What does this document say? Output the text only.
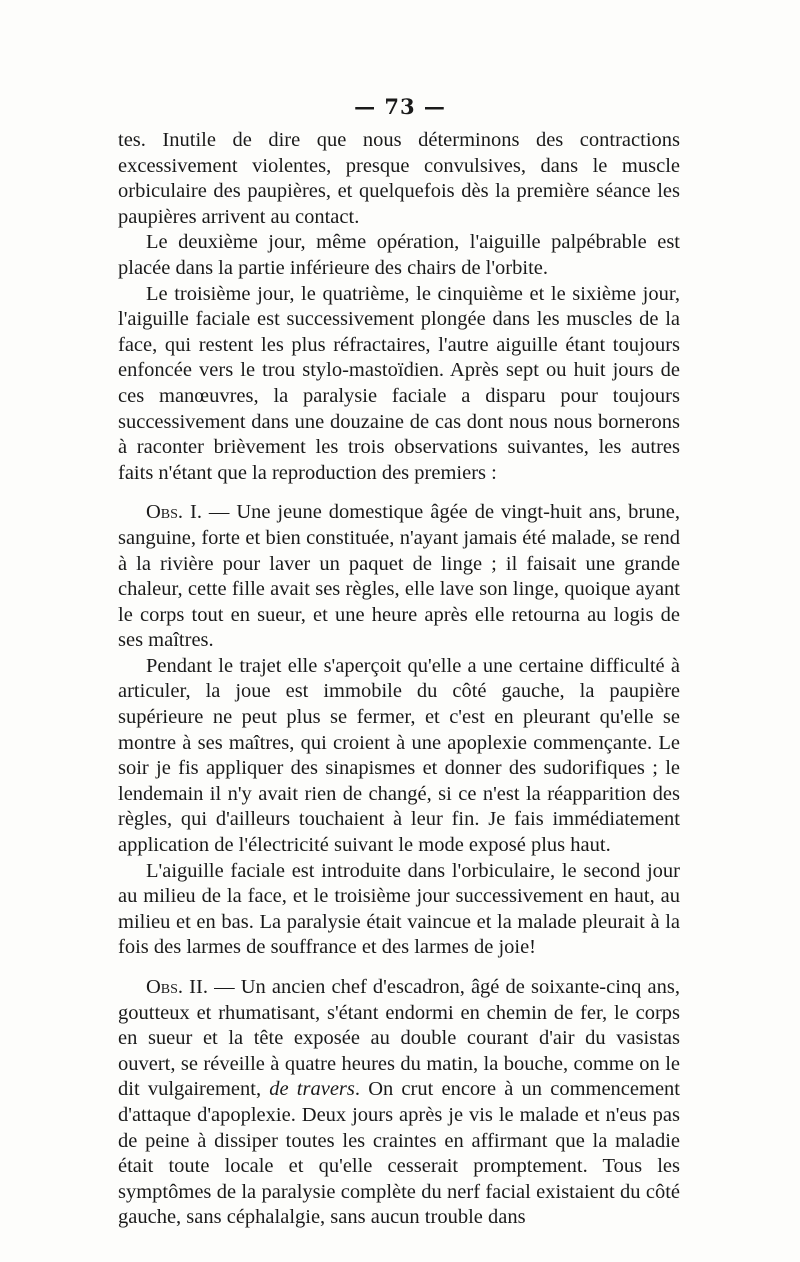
— 73 —

tes. Inutile de dire que nous déterminons des contractions excessivement violentes, presque convulsives, dans le muscle orbiculaire des paupières, et quelquefois dès la première séance les paupières arrivent au contact.

Le deuxième jour, même opération, l'aiguille palpébrable est placée dans la partie inférieure des chairs de l'orbite.

Le troisième jour, le quatrième, le cinquième et le sixième jour, l'aiguille faciale est successivement plongée dans les muscles de la face, qui restent les plus réfractaires, l'autre aiguille étant toujours enfoncée vers le trou stylo-mastoïdien. Après sept ou huit jours de ces manœuvres, la paralysie faciale a disparu pour toujours successivement dans une douzaine de cas dont nous nous bornerons à raconter brièvement les trois observations suivantes, les autres faits n'étant que la reproduction des premiers :

Obs. I. — Une jeune domestique âgée de vingt-huit ans, brune, sanguine, forte et bien constituée, n'ayant jamais été malade, se rend à la rivière pour laver un paquet de linge ; il faisait une grande chaleur, cette fille avait ses règles, elle lave son linge, quoique ayant le corps tout en sueur, et une heure après elle retourna au logis de ses maîtres.

Pendant le trajet elle s'aperçoit qu'elle a une certaine difficulté à articuler, la joue est immobile du côté gauche, la paupière supérieure ne peut plus se fermer, et c'est en pleurant qu'elle se montre à ses maîtres, qui croient à une apoplexie commençante. Le soir je fis appliquer des sinapismes et donner des sudorifiques ; le lendemain il n'y avait rien de changé, si ce n'est la réapparition des règles, qui d'ailleurs touchaient à leur fin. Je fais immédiatement application de l'électricité suivant le mode exposé plus haut.

L'aiguille faciale est introduite dans l'orbiculaire, le second jour au milieu de la face, et le troisième jour successivement en haut, au milieu et en bas. La paralysie était vaincue et la malade pleurait à la fois des larmes de souffrance et des larmes de joie!

Obs. II. — Un ancien chef d'escadron, âgé de soixante-cinq ans, goutteux et rhumatisant, s'étant endormi en chemin de fer, le corps en sueur et la tête exposée au double courant d'air du vasistas ouvert, se réveille à quatre heures du matin, la bouche, comme on le dit vulgairement, de travers. On crut encore à un commencement d'attaque d'apoplexie. Deux jours après je vis le malade et n'eus pas de peine à dissiper toutes les craintes en affirmant que la maladie était toute locale et qu'elle cesserait promptement. Tous les symptômes de la paralysie complète du nerf facial existaient du côté gauche, sans céphalalgie, sans aucun trouble dans
